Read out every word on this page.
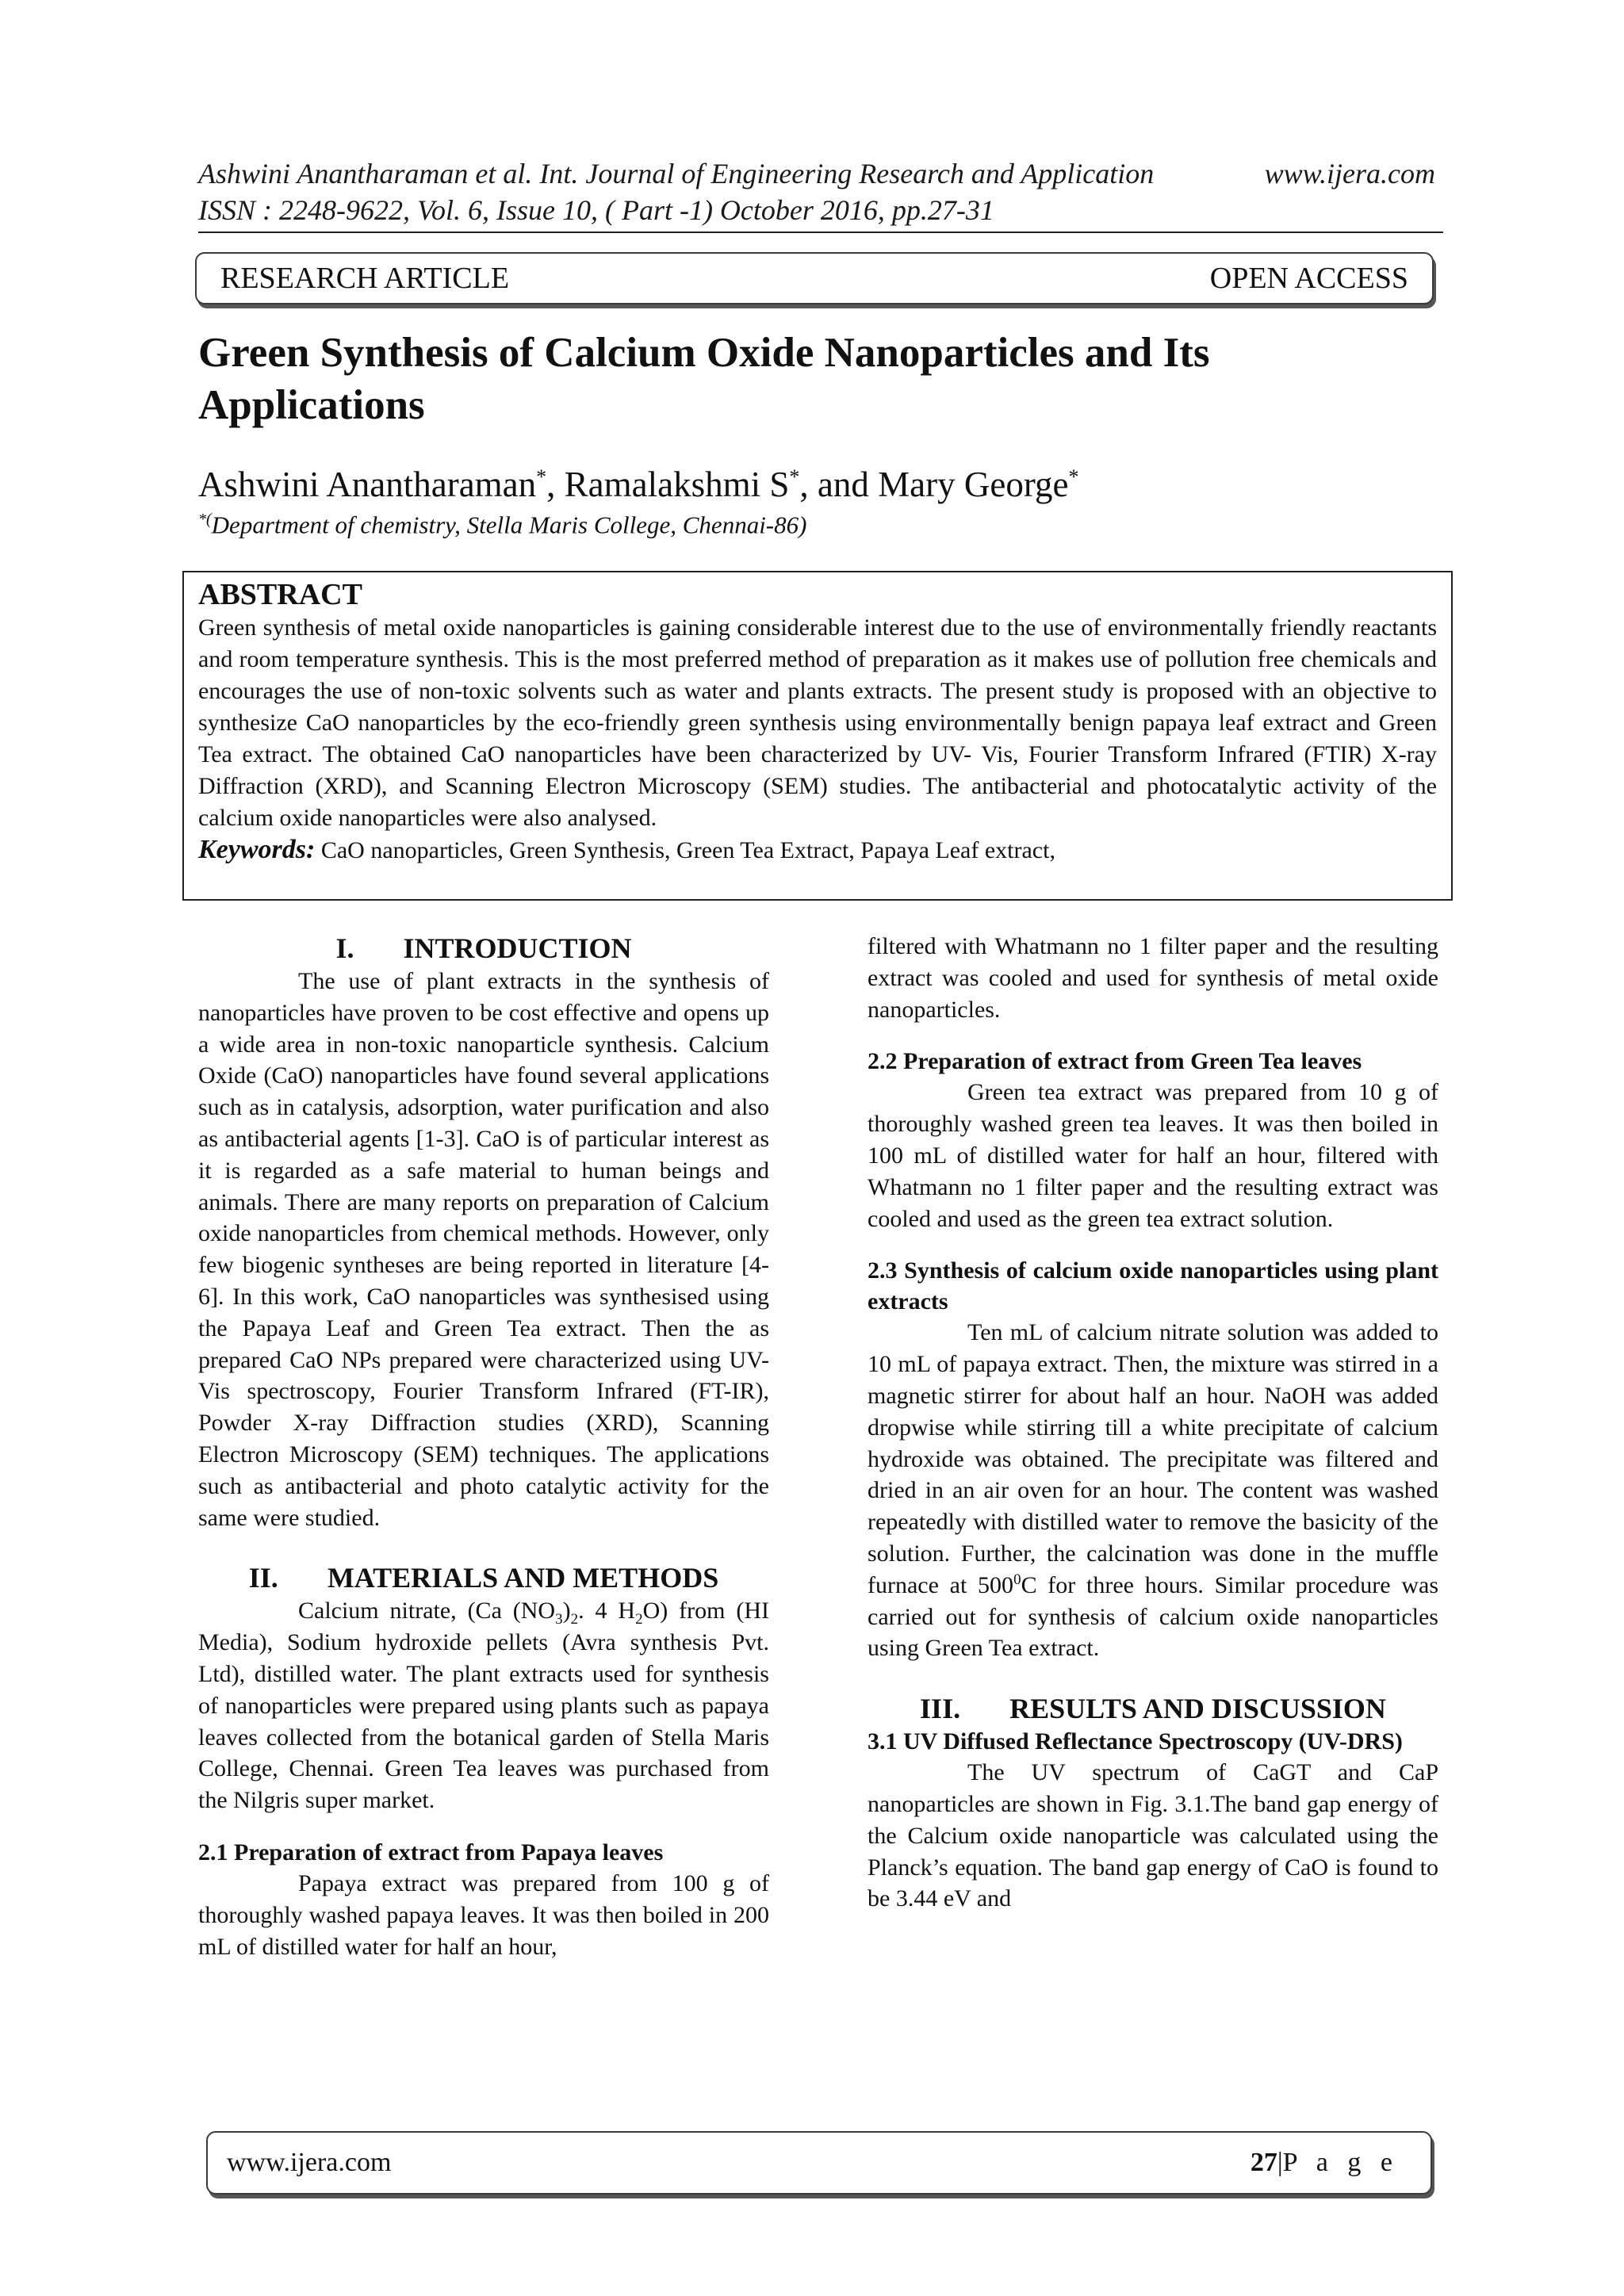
Ashwini Anantharaman et al. Int. Journal of Engineering Research and Application	www.ijera.com
ISSN : 2248-9622, Vol. 6, Issue 10, ( Part -1) October 2016, pp.27-31
RESEARCH ARTICLE	OPEN ACCESS
Green Synthesis of Calcium Oxide Nanoparticles and Its Applications
Ashwini Anantharaman*, Ramalakshmi S*, and Mary George*
*(Department of chemistry, Stella Maris College, Chennai-86)
ABSTRACT
Green synthesis of metal oxide nanoparticles is gaining considerable interest due to the use of environmentally friendly reactants and room temperature synthesis. This is the most preferred method of preparation as it makes use of pollution free chemicals and encourages the use of non-toxic solvents such as water and plants extracts. The present study is proposed with an objective to synthesize CaO nanoparticles by the eco-friendly green synthesis using environmentally benign papaya leaf extract and Green Tea extract. The obtained CaO nanoparticles have been characterized by UV- Vis, Fourier Transform Infrared (FTIR) X-ray Diffraction (XRD), and Scanning Electron Microscopy (SEM) studies. The antibacterial and photocatalytic activity of the calcium oxide nanoparticles were also analysed.
Keywords: CaO nanoparticles, Green Synthesis, Green Tea Extract, Papaya Leaf extract,
I. INTRODUCTION

The use of plant extracts in the synthesis of nanoparticles have proven to be cost effective and opens up a wide area in non-toxic nanoparticle synthesis. Calcium Oxide (CaO) nanoparticles have found several applications such as in catalysis, adsorption, water purification and also as antibacterial agents [1-3]. CaO is of particular interest as it is regarded as a safe material to human beings and animals. There are many reports on preparation of Calcium oxide nanoparticles from chemical methods. However, only few biogenic syntheses are being reported in literature [4-6]. In this work, CaO nanoparticles was synthesised using the Papaya Leaf and Green Tea extract. Then the as prepared CaO NPs prepared were characterized using UV-Vis spectroscopy, Fourier Transform Infrared (FT-IR), Powder X-ray Diffraction studies (XRD), Scanning Electron Microscopy (SEM) techniques. The applications such as antibacterial and photo catalytic activity for the same were studied.

II. MATERIALS AND METHODS

Calcium nitrate, (Ca $(NO_3)_2$. 4 $H_2O$) from (HI Media), Sodium hydroxide pellets (Avra synthesis Pvt. Ltd), distilled water. The plant extracts used for synthesis of nanoparticles were prepared using plants such as papaya leaves collected from the botanical garden of Stella Maris College, Chennai. Green Tea leaves was purchased from the Nilgris super market.

2.1 Preparation of extract from Papaya leaves

Papaya extract was prepared from 100 g of thoroughly washed papaya leaves. It was then boiled in 200 mL of distilled water for half an hour,

filtered with Whatmann no 1 filter paper and the resulting extract was cooled and used for synthesis of metal oxide nanoparticles.

2.2 Preparation of extract from Green Tea leaves

Green tea extract was prepared from 10 g of thoroughly washed green tea leaves. It was then boiled in 100 mL of distilled water for half an hour, filtered with Whatmann no 1 filter paper and the resulting extract was cooled and used as the green tea extract solution.

2.3 Synthesis of calcium oxide nanoparticles using plant extracts

Ten mL of calcium nitrate solution was added to 10 mL of papaya extract. Then, the mixture was stirred in a magnetic stirrer for about half an hour. NaOH was added dropwise while stirring till a white precipitate of calcium hydroxide was obtained. The precipitate was filtered and dried in an air oven for an hour. The content was washed repeatedly with distilled water to remove the basicity of the solution. Further, the calcination was done in the muffle furnace at $500^0C$ for three hours. Similar procedure was carried out for synthesis of calcium oxide nanoparticles using Green Tea extract.

III. RESULTS AND DISCUSSION

3.1 UV Diffused Reflectance Spectroscopy (UV-DRS)

The UV spectrum of CaGT and CaP nanoparticles are shown in Fig. 3.1.The band gap energy of the Calcium oxide nanoparticle was calculated using the Planck’s equation. The band gap energy of CaO is found to be 3.44 eV and

www.ijera.com	27|P a g e
